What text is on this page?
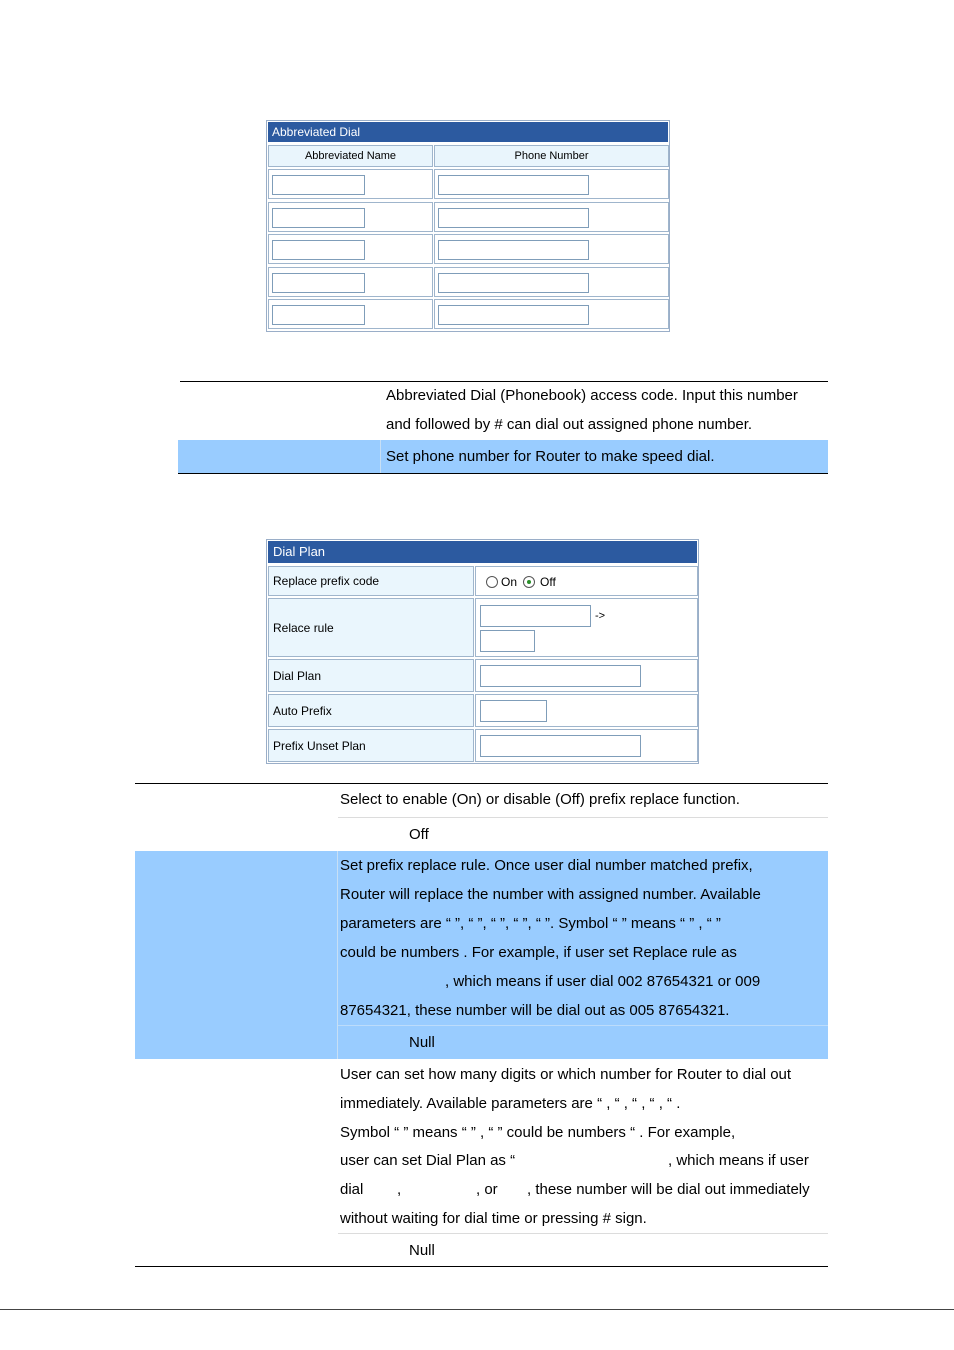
Abbreviated Dial
Abbreviated Name	Phone Number
Abbreviated Dial (Phonebook) access code. Input this number
and followed by # can dial out assigned phone number.
Set phone number for Router to make speed dial.
Dial Plan
Replace prefix code	On Off
Relace rule
->
Dial Plan
Auto Prefix
Prefix Unset Plan
Select to enable (On) or disable (Off) prefix replace function.
Off
Set prefix replace rule. Once user dial number matched prefix,
Router will replace the number with assigned number. Available
parameters are “ ”, “ ”, “ ”, “ ”, “ ”. Symbol “ ” means “ ” , “ ”
could be numbers . For example, if user set Replace rule as
, which means if user dial 002 87654321 or 009
87654321, these number will be dial out as 005 87654321.
Null
User can set how many digits or which number for Router to dial out
immediately. Available parameters are “ , “ , “ , “ , “ .
Symbol “ ” means “ ” , “ ” could be numbers “ . For example,
user can set Dial Plan as “	, which means if user
dial ,	, or , these number will be dial out immediately
without waiting for dial time or pressing # sign.
Null
